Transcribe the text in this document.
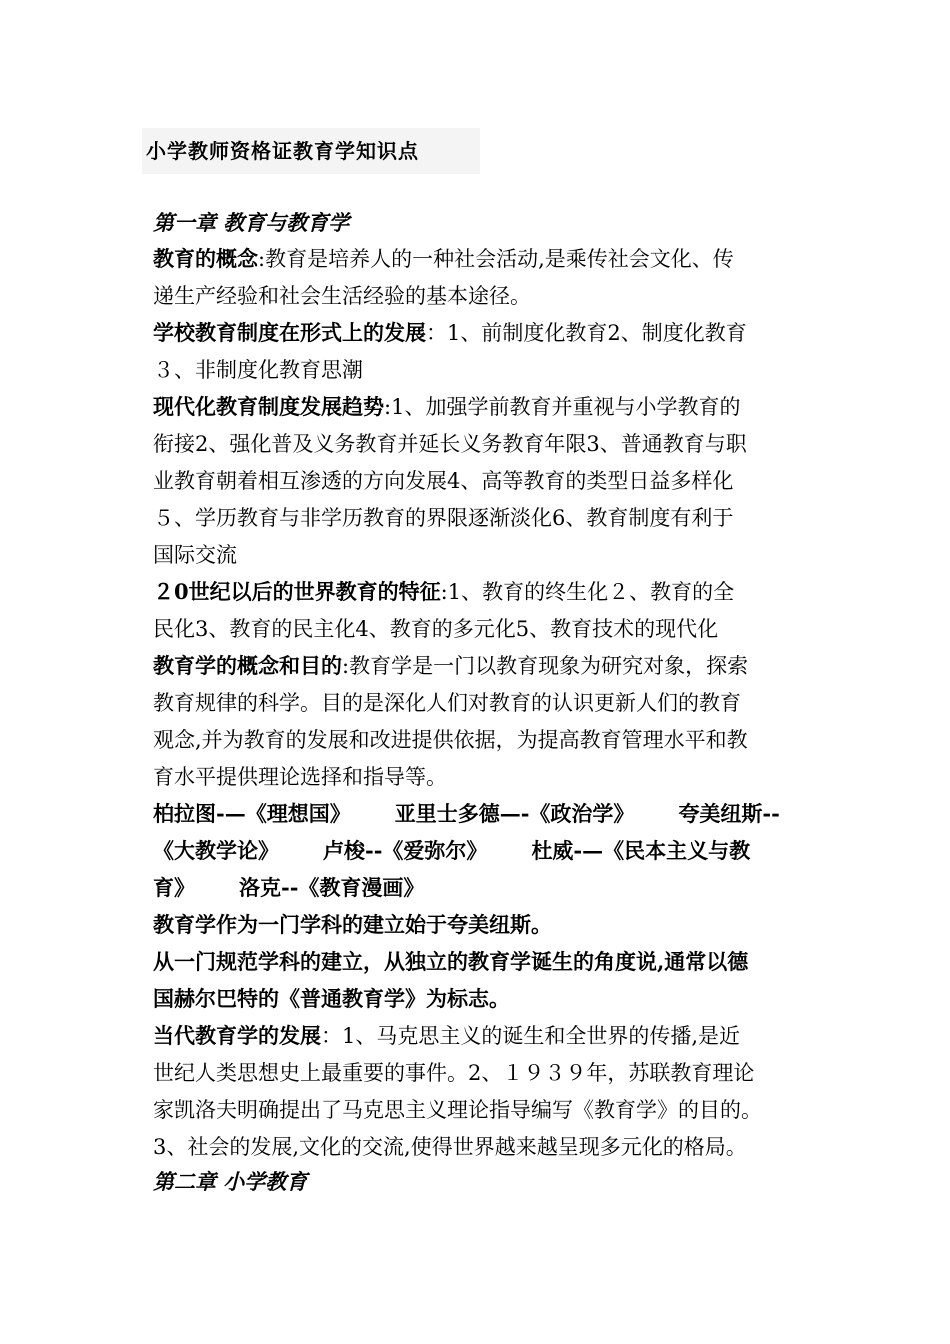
小学教师资格证教育学知识点
第一章 教育与教育学
教育的概念:教育是培养人的一种社会活动,是乘传社会文化、传
递生产经验和社会生活经验的基本途径。
学校教育制度在形式上的发展：1、前制度化教育2、制度化教育
３、非制度化教育思潮
现代化教育制度发展趋势:1、加强学前教育并重视与小学教育的
衔接2、强化普及义务教育并延长义务教育年限3、普通教育与职
业教育朝着相互渗透的方向发展4、高等教育的类型日益多样化
５、学历教育与非学历教育的界限逐渐淡化6、教育制度有利于
国际交流
２0世纪以后的世界教育的特征:1、教育的终生化２、教育的全
民化3、教育的民主化4、教育的多元化5、教育技术的现代化
教育学的概念和目的:教育学是一门以教育现象为研究对象，探索
教育规律的科学。目的是深化人们对教育的认识更新人们的教育
观念,并为教育的发展和改进提供依据，为提高教育管理水平和教
育水平提供理论选择和指导等。
柏拉图-—《理想国》 亚里士多德—-《政治学》 夸美纽斯--
《大教学论》 卢梭--《爱弥尔》 杜威-—《民本主义与教
育》 洛克--《教育漫画》
教育学作为一门学科的建立始于夸美纽斯。
从一门规范学科的建立，从独立的教育学诞生的角度说,通常以德
国赫尔巴特的《普通教育学》为标志。
当代教育学的发展：1、马克思主义的诞生和全世界的传播,是近
世纪人类思想史上最重要的事件。2、１９３９年，苏联教育理论
家凯洛夫明确提出了马克思主义理论指导编写《教育学》的目的。
3、社会的发展,文化的交流,使得世界越来越呈现多元化的格局。
第二章 小学教育
